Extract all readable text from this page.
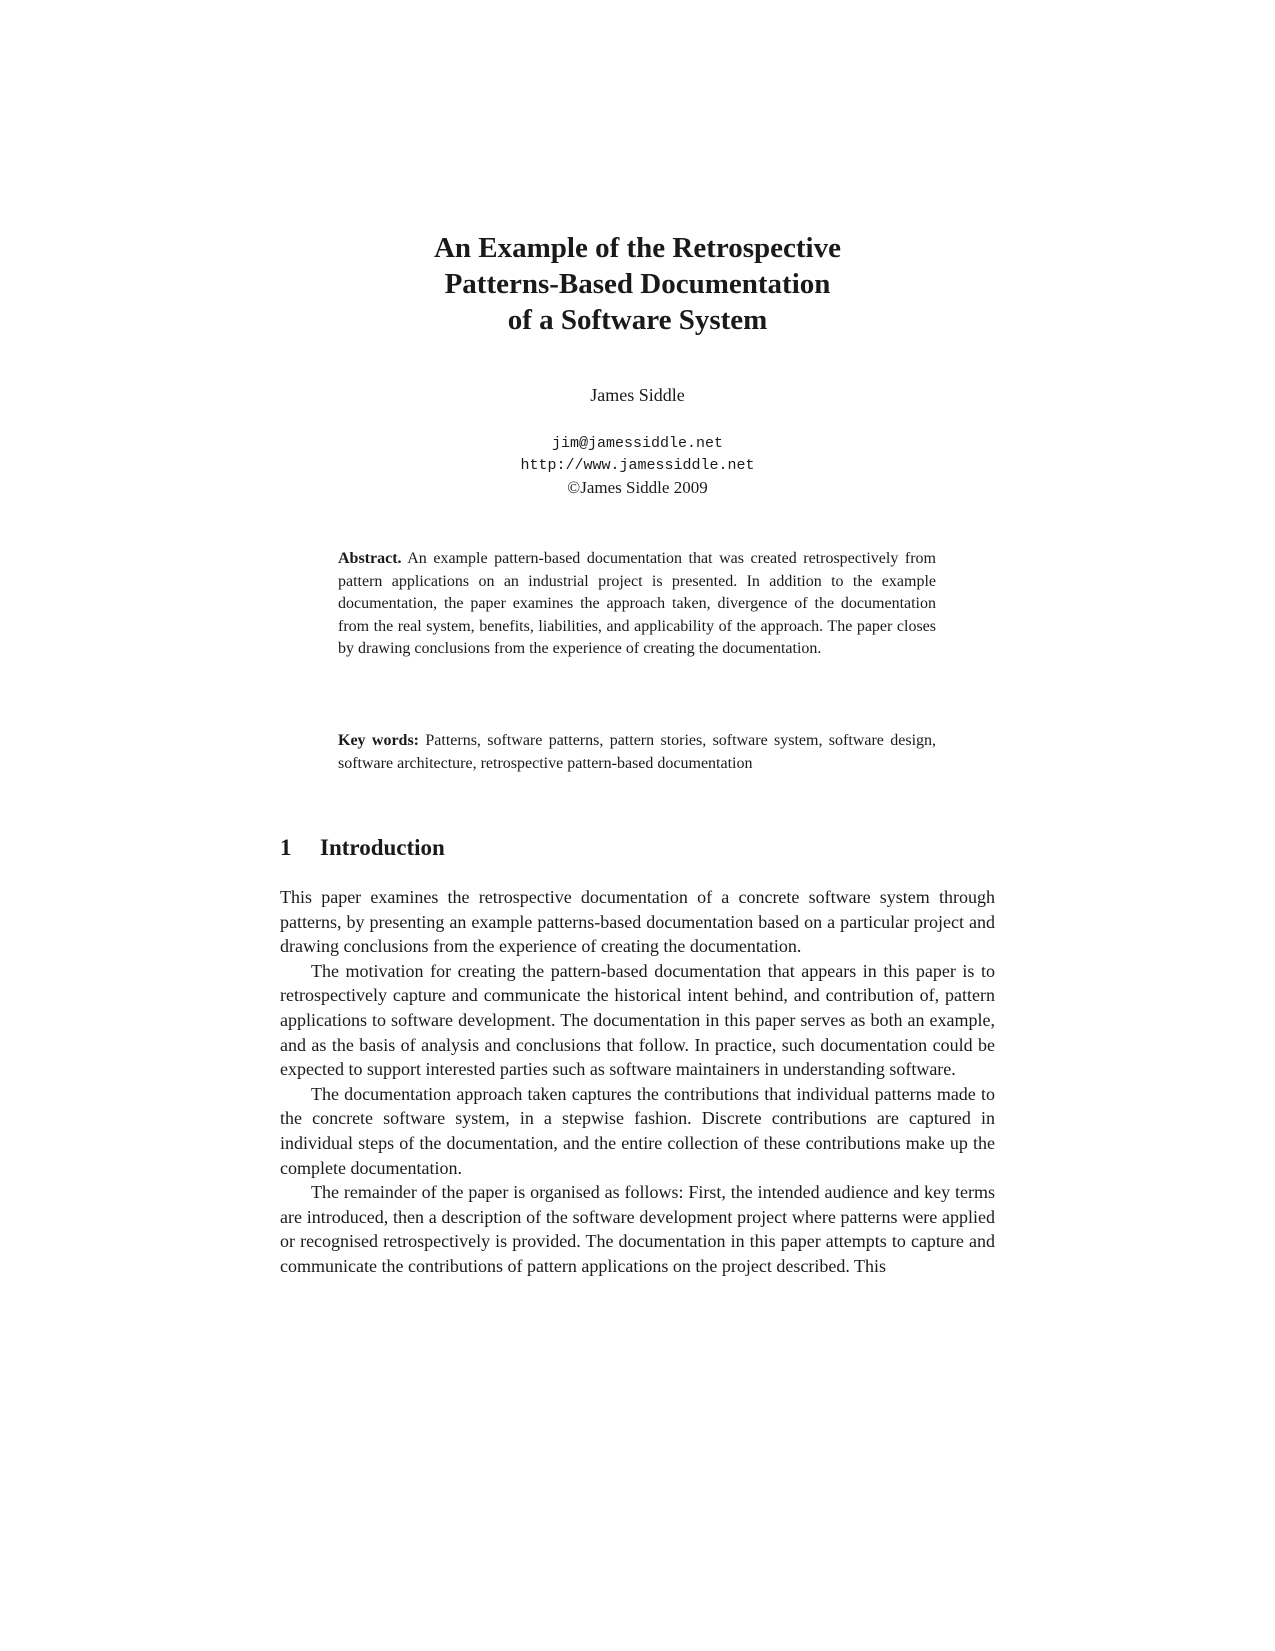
An Example of the Retrospective
Patterns-Based Documentation
of a Software System
James Siddle
jim@jamessiddle.net
http://www.jamessiddle.net
©James Siddle 2009
Abstract. An example pattern-based documentation that was created retrospectively from pattern applications on an industrial project is presented. In addition to the example documentation, the paper examines the approach taken, divergence of the documentation from the real system, benefits, liabilities, and applicability of the approach. The paper closes by drawing conclusions from the experience of creating the documentation.
Key words: Patterns, software patterns, pattern stories, software system, software design, software architecture, retrospective pattern-based documentation
1 Introduction

This paper examines the retrospective documentation of a concrete software system through patterns, by presenting an example patterns-based documentation based on a particular project and drawing conclusions from the experience of creating the documentation.

The motivation for creating the pattern-based documentation that appears in this paper is to retrospectively capture and communicate the historical intent behind, and contribution of, pattern applications to software development. The documentation in this paper serves as both an example, and as the basis of analysis and conclusions that follow. In practice, such documentation could be expected to support interested parties such as software maintainers in understanding software.

The documentation approach taken captures the contributions that individual patterns made to the concrete software system, in a stepwise fashion. Discrete contributions are captured in individual steps of the documentation, and the entire collection of these contributions make up the complete documentation.

The remainder of the paper is organised as follows: First, the intended audience and key terms are introduced, then a description of the software development project where patterns were applied or recognised retrospectively is provided. The documentation in this paper attempts to capture and communicate the contributions of pattern applications on the project described. This
